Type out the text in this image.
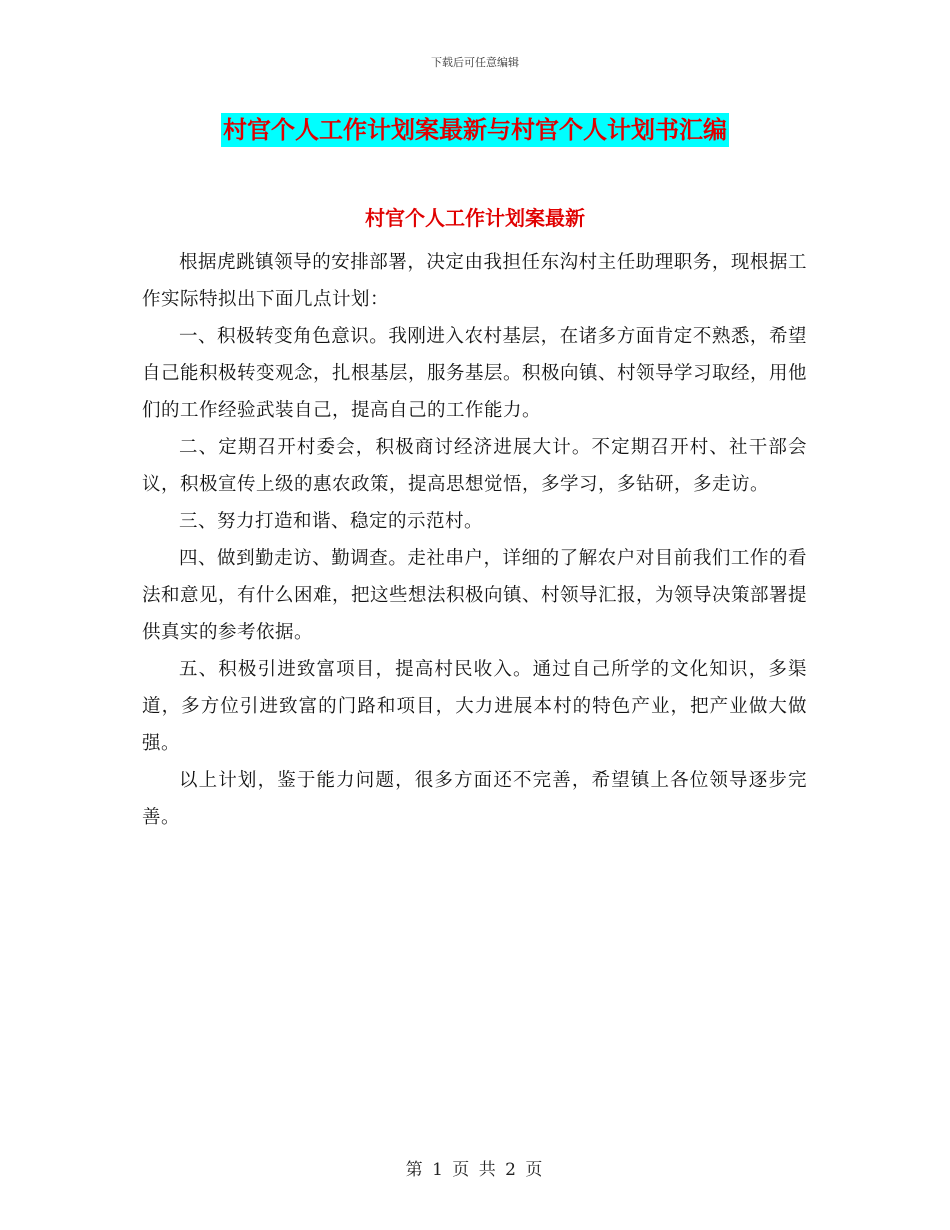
下载后可任意编辑
村官个人工作计划案最新与村官个人计划书汇编
村官个人工作计划案最新

根据虎跳镇领导的安排部署，决定由我担任东沟村主任助理职务，现根据工作实际特拟出下面几点计划：

一、积极转变角色意识。我刚进入农村基层，在诸多方面肯定不熟悉，希望自己能积极转变观念，扎根基层，服务基层。积极向镇、村领导学习取经，用他们的工作经验武装自己，提高自己的工作能力。

二、定期召开村委会，积极商讨经济进展大计。不定期召开村、社干部会议，积极宣传上级的惠农政策，提高思想觉悟，多学习，多钻研，多走访。

三、努力打造和谐、稳定的示范村。

四、做到勤走访、勤调查。走社串户，详细的了解农户对目前我们工作的看法和意见，有什么困难，把这些想法积极向镇、村领导汇报，为领导决策部署提供真实的参考依据。

五、积极引进致富项目，提高村民收入。通过自己所学的文化知识，多渠道，多方位引进致富的门路和项目，大力进展本村的特色产业，把产业做大做强。

以上计划，鉴于能力问题，很多方面还不完善，希望镇上各位领导逐步完善。

第 1 页 共 2 页
